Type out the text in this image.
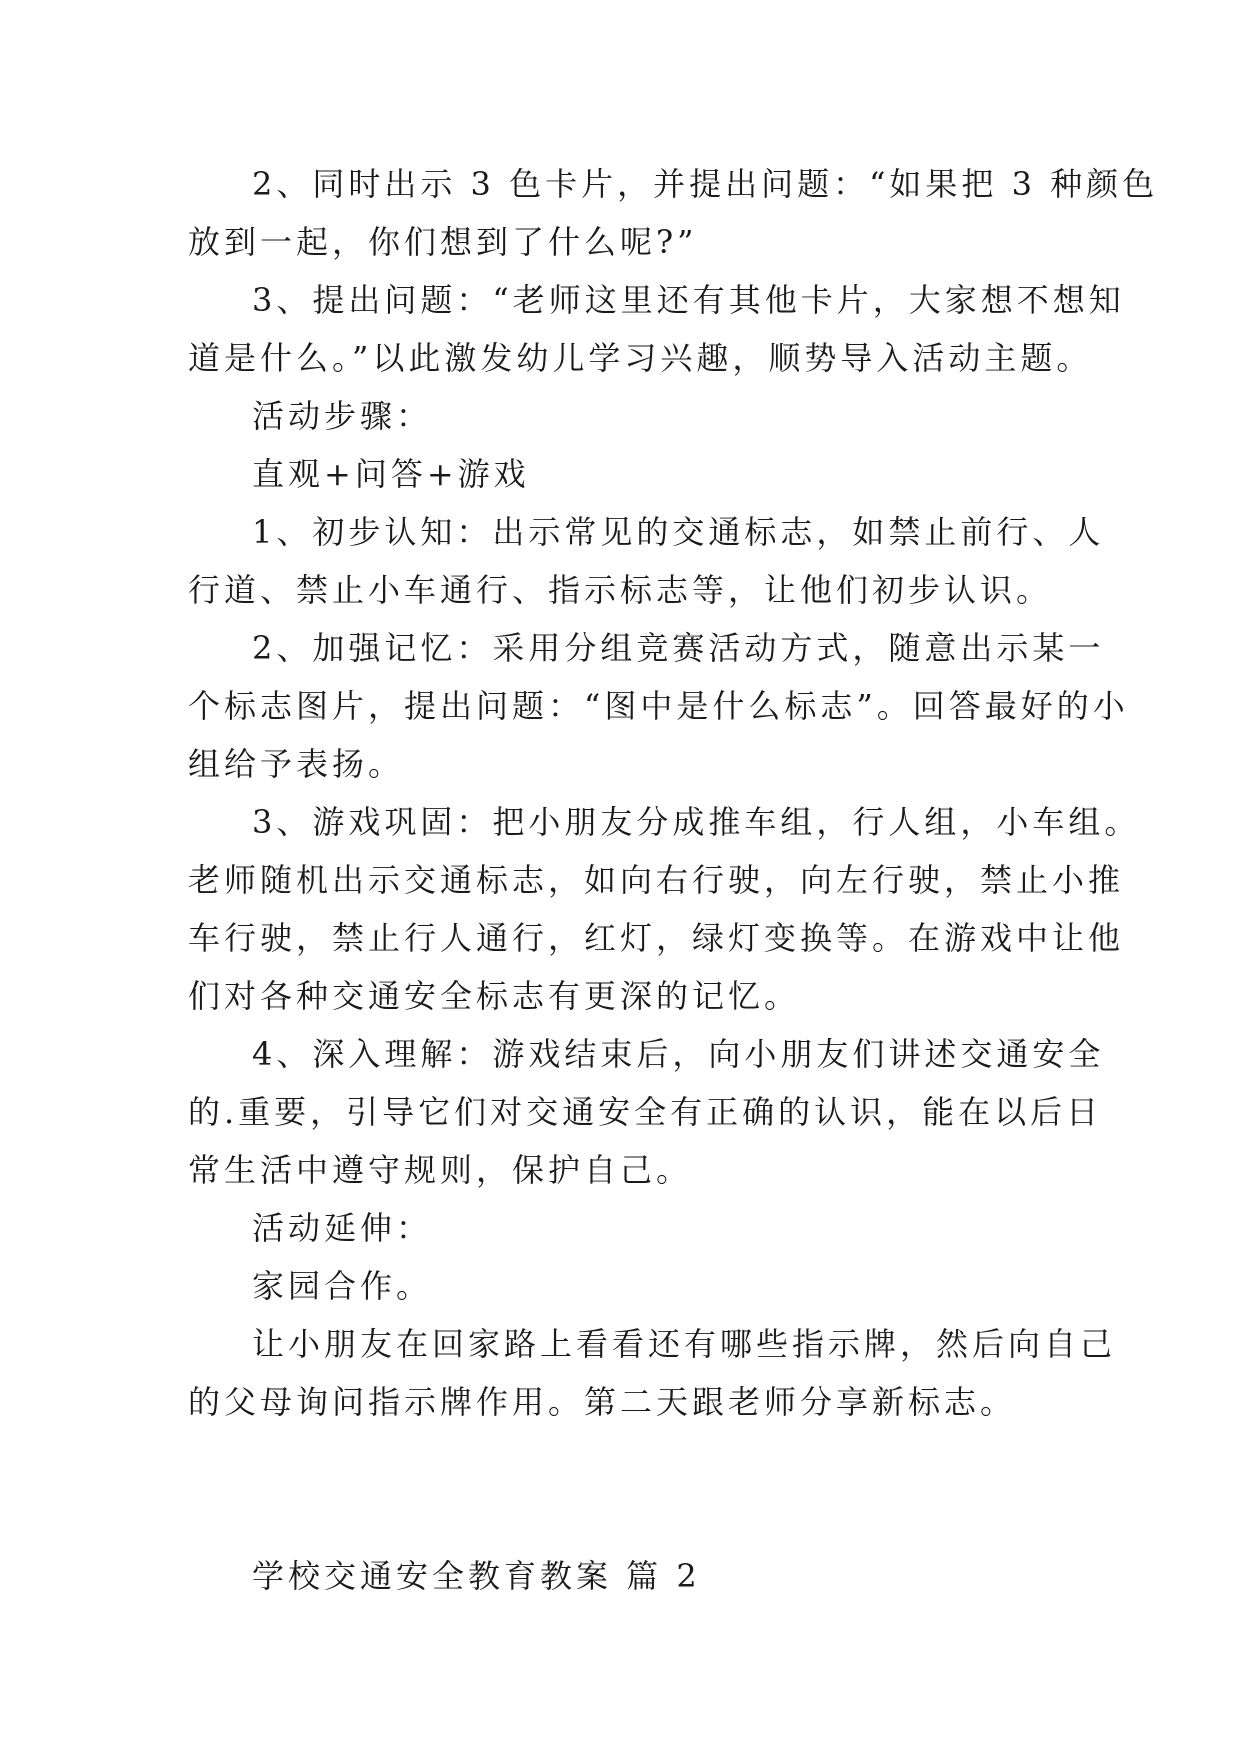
2、同时出示 3 色卡片，并提出问题：“如果把 3 种颜色
放到一起，你们想到了什么呢?”
3、提出问题：“老师这里还有其他卡片，大家想不想知
道是什么。”以此激发幼儿学习兴趣，顺势导入活动主题。
活动步骤：
直观+问答+游戏
1、初步认知：出示常见的交通标志，如禁止前行、人
行道、禁止小车通行、指示标志等，让他们初步认识。
2、加强记忆：采用分组竞赛活动方式，随意出示某一
个标志图片，提出问题：“图中是什么标志”。回答最好的小
组给予表扬。
3、游戏巩固：把小朋友分成推车组，行人组，小车组。
老师随机出示交通标志，如向右行驶，向左行驶，禁止小推
车行驶，禁止行人通行，红灯，绿灯变换等。在游戏中让他
们对各种交通安全标志有更深的记忆。
4、深入理解：游戏结束后，向小朋友们讲述交通安全
的.重要，引导它们对交通安全有正确的认识，能在以后日
常生活中遵守规则，保护自己。
活动延伸：
家园合作。
让小朋友在回家路上看看还有哪些指示牌，然后向自己
的父母询问指示牌作用。第二天跟老师分享新标志。
学校交通安全教育教案 篇 2
